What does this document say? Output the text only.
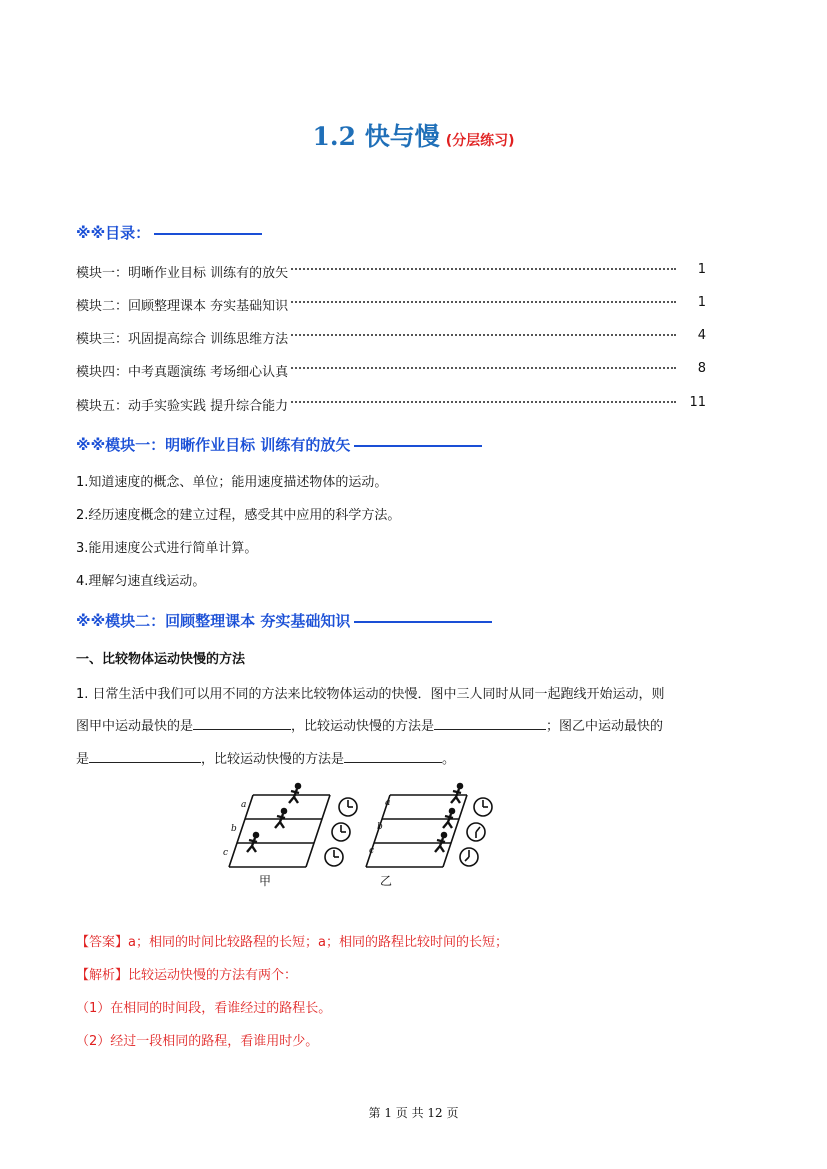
1.2 快与慢 (分层练习)
※※目录：
模块一：明晰作业目标 训练有的放矢	1
模块二：回顾整理课本 夯实基础知识	1
模块三：巩固提高综合 训练思维方法	4
模块四：中考真题演练 考场细心认真	8
模块五：动手实验实践 提升综合能力	11
※※模块一：明晰作业目标 训练有的放矢
1.知道速度的概念、单位；能用速度描述物体的运动。
2.经历速度概念的建立过程，感受其中应用的科学方法。
3.能用速度公式进行简单计算。
4.理解匀速直线运动。
※※模块二：回顾整理课本 夯实基础知识
一、比较物体运动快慢的方法
1. 日常生活中我们可以用不同的方法来比较物体运动的快慢．图中三人同时从同一起跑线开始运动，则
图甲中运动最快的是	，比较运动快慢的方法是	；图乙中运动最快的
是	，比较运动快慢的方法是	。
a
b
c
a
b
c
甲	乙
【答案】a；相同的时间比较路程的长短；a；相同的路程比较时间的长短；
【解析】比较运动快慢的方法有两个：
（1）在相同的时间段，看谁经过的路程长。
（2）经过一段相同的路程，看谁用时少。
第 1 页 共 12 页
